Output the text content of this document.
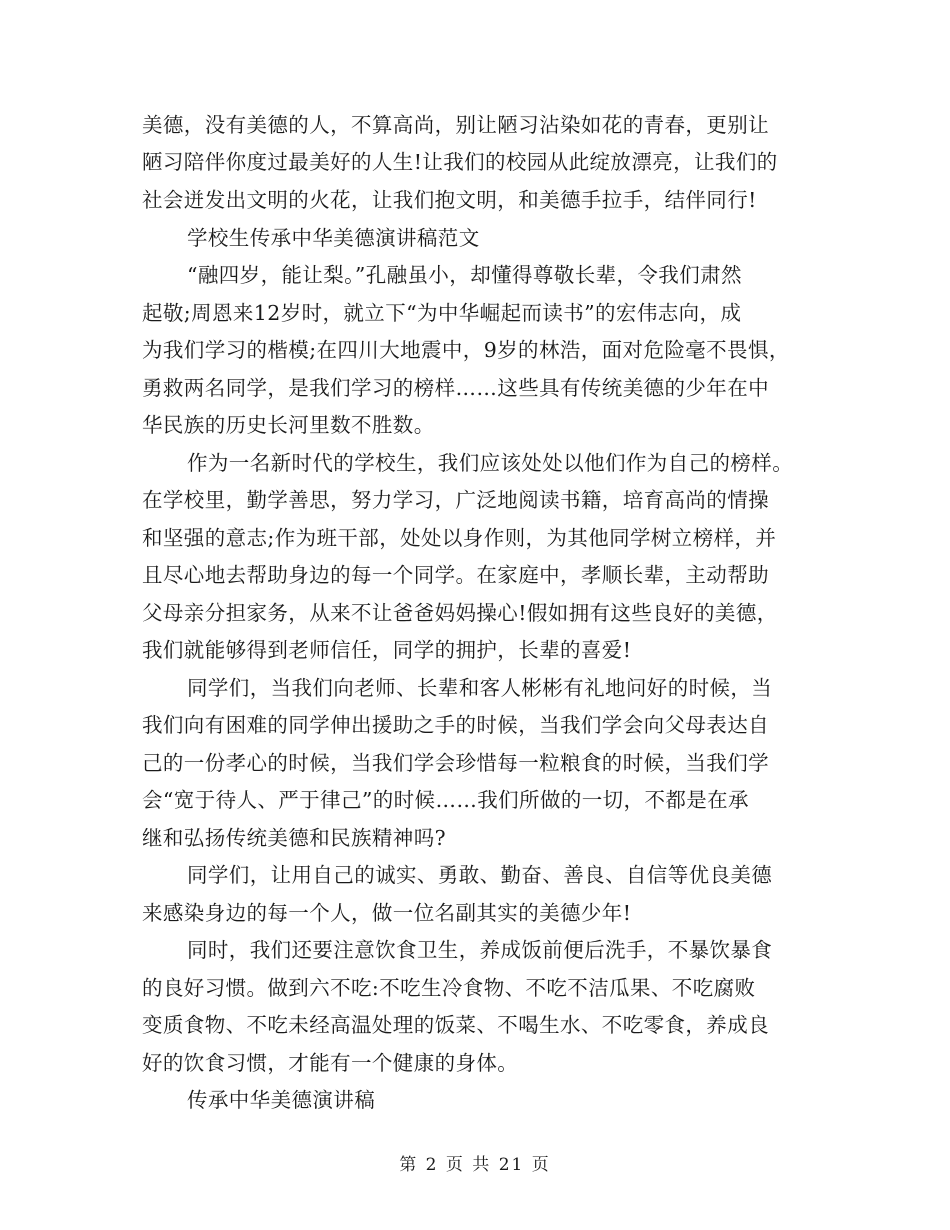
美德，没有美德的人，不算高尚，别让陋习沾染如花的青春，更别让
陋习陪伴你度过最美好的人生!让我们的校园从此绽放漂亮，让我们的
社会迸发出文明的火花，让我们抱文明，和美德手拉手，结伴同行!
学校生传承中华美德演讲稿范文
“融四岁，能让梨。”孔融虽小，却懂得尊敬长辈，令我们肃然
起敬;周恩来12岁时，就立下“为中华崛起而读书”的宏伟志向，成
为我们学习的楷模;在四川大地震中，9岁的林浩，面对危险毫不畏惧，
勇救两名同学，是我们学习的榜样……这些具有传统美德的少年在中
华民族的历史长河里数不胜数。
作为一名新时代的学校生，我们应该处处以他们作为自己的榜样。
在学校里，勤学善思，努力学习，广泛地阅读书籍，培育高尚的情操
和坚强的意志;作为班干部，处处以身作则，为其他同学树立榜样，并
且尽心地去帮助身边的每一个同学。在家庭中，孝顺长辈，主动帮助
父母亲分担家务，从来不让爸爸妈妈操心!假如拥有这些良好的美德，
我们就能够得到老师信任，同学的拥护，长辈的喜爱!
同学们，当我们向老师、长辈和客人彬彬有礼地问好的时候，当
我们向有困难的同学伸出援助之手的时候，当我们学会向父母表达自
己的一份孝心的时候，当我们学会珍惜每一粒粮食的时候，当我们学
会“宽于待人、严于律己”的时候……我们所做的一切，不都是在承
继和弘扬传统美德和民族精神吗?
同学们，让用自己的诚实、勇敢、勤奋、善良、自信等优良美德
来感染身边的每一个人，做一位名副其实的美德少年!
同时，我们还要注意饮食卫生，养成饭前便后洗手，不暴饮暴食
的良好习惯。做到六不吃:不吃生冷食物、不吃不洁瓜果、不吃腐败
变质食物、不吃未经高温处理的饭菜、不喝生水、不吃零食，养成良
好的饮食习惯，才能有一个健康的身体。
传承中华美德演讲稿
第 2 页 共 21 页
